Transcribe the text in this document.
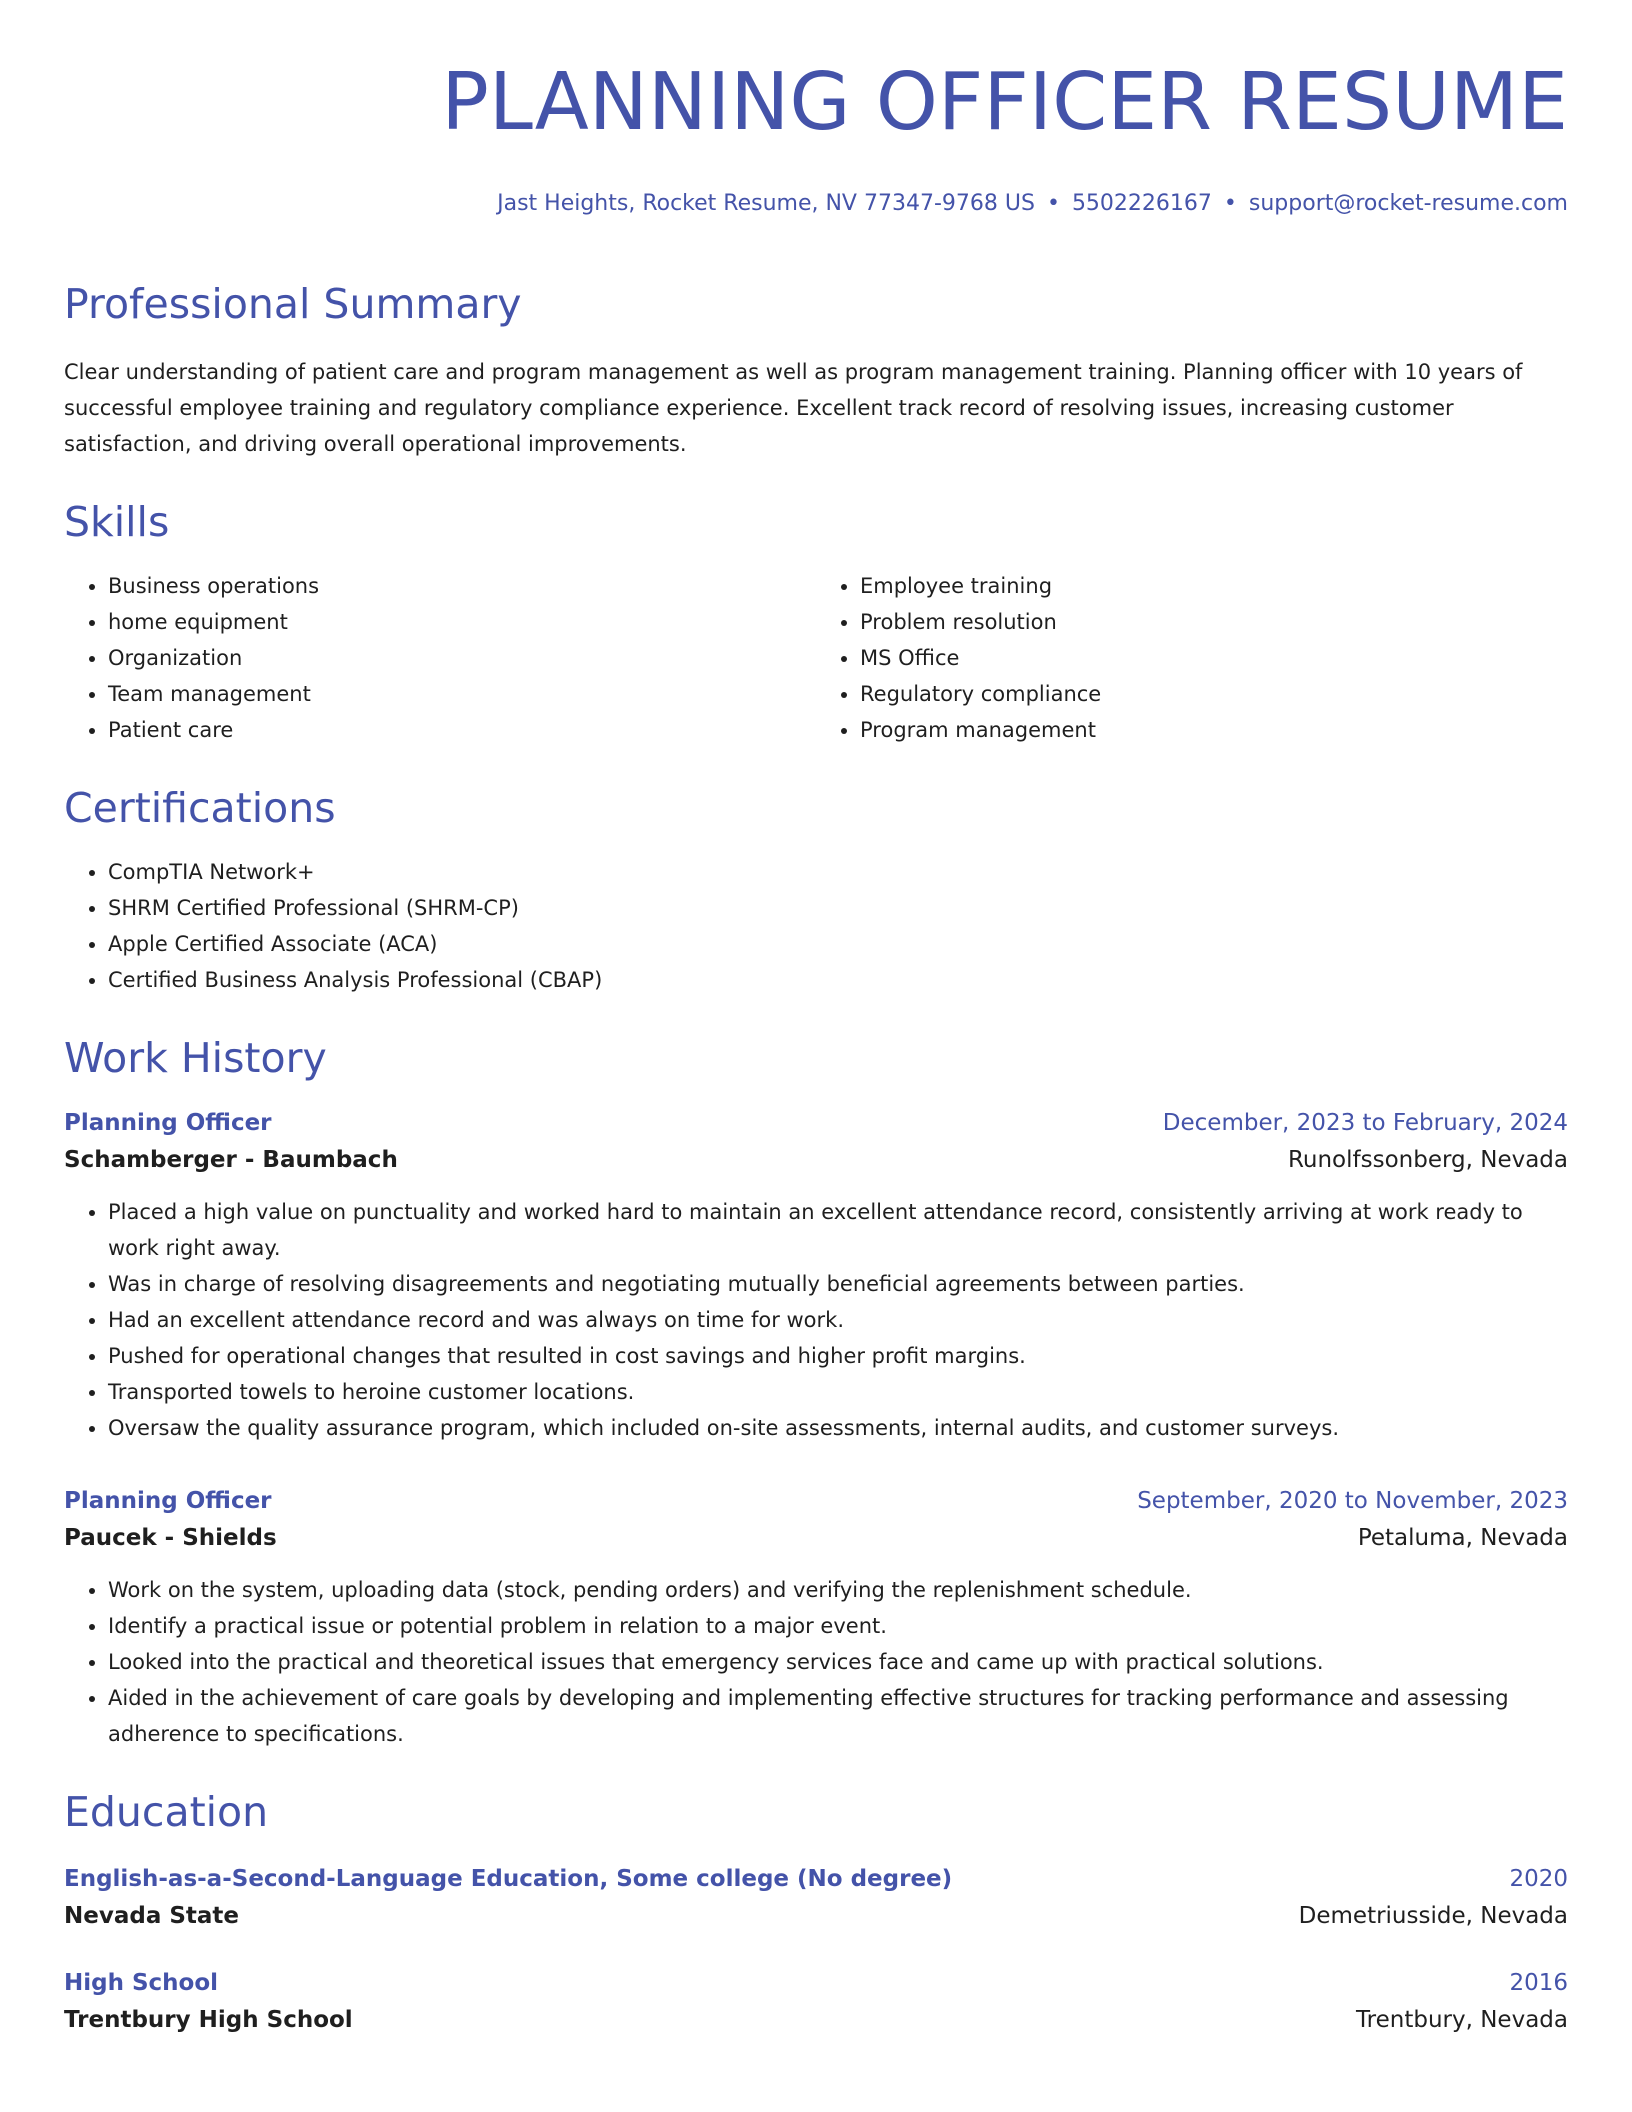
PLANNING OFFICER RESUME
Jast Heights, Rocket Resume, NV 77347-9768 US • 5502226167 • support@rocket-resume.com
Professional Summary
Clear understanding of patient care and program management as well as program management training. Planning officer with 10 years of successful employee training and regulatory compliance experience. Excellent track record of resolving issues, increasing customer satisfaction, and driving overall operational improvements.
Skills
• Business operations
• home equipment
• Organization
• Team management
• Patient care
• Employee training
• Problem resolution
• MS Office
• Regulatory compliance
• Program management
Certifications
• CompTIA Network+
• SHRM Certified Professional (SHRM-CP)
• Apple Certified Associate (ACA)
• Certified Business Analysis Professional (CBAP)
Work History
Planning Officer	December, 2023 to February, 2024
Schamberger - Baumbach	Runolfssonberg, Nevada
• Placed a high value on punctuality and worked hard to maintain an excellent attendance record, consistently arriving at work ready to work right away.
• Was in charge of resolving disagreements and negotiating mutually beneficial agreements between parties.
• Had an excellent attendance record and was always on time for work.
• Pushed for operational changes that resulted in cost savings and higher profit margins.
• Transported towels to heroine customer locations.
• Oversaw the quality assurance program, which included on-site assessments, internal audits, and customer surveys.
Planning Officer	September, 2020 to November, 2023
Paucek - Shields	Petaluma, Nevada
• Work on the system, uploading data (stock, pending orders) and verifying the replenishment schedule.
• Identify a practical issue or potential problem in relation to a major event.
• Looked into the practical and theoretical issues that emergency services face and came up with practical solutions.
• Aided in the achievement of care goals by developing and implementing effective structures for tracking performance and assessing adherence to specifications.
Education
English-as-a-Second-Language Education, Some college (No degree)	2020
Nevada State	Demetriusside, Nevada
High School	2016
Trentbury High School	Trentbury, Nevada
